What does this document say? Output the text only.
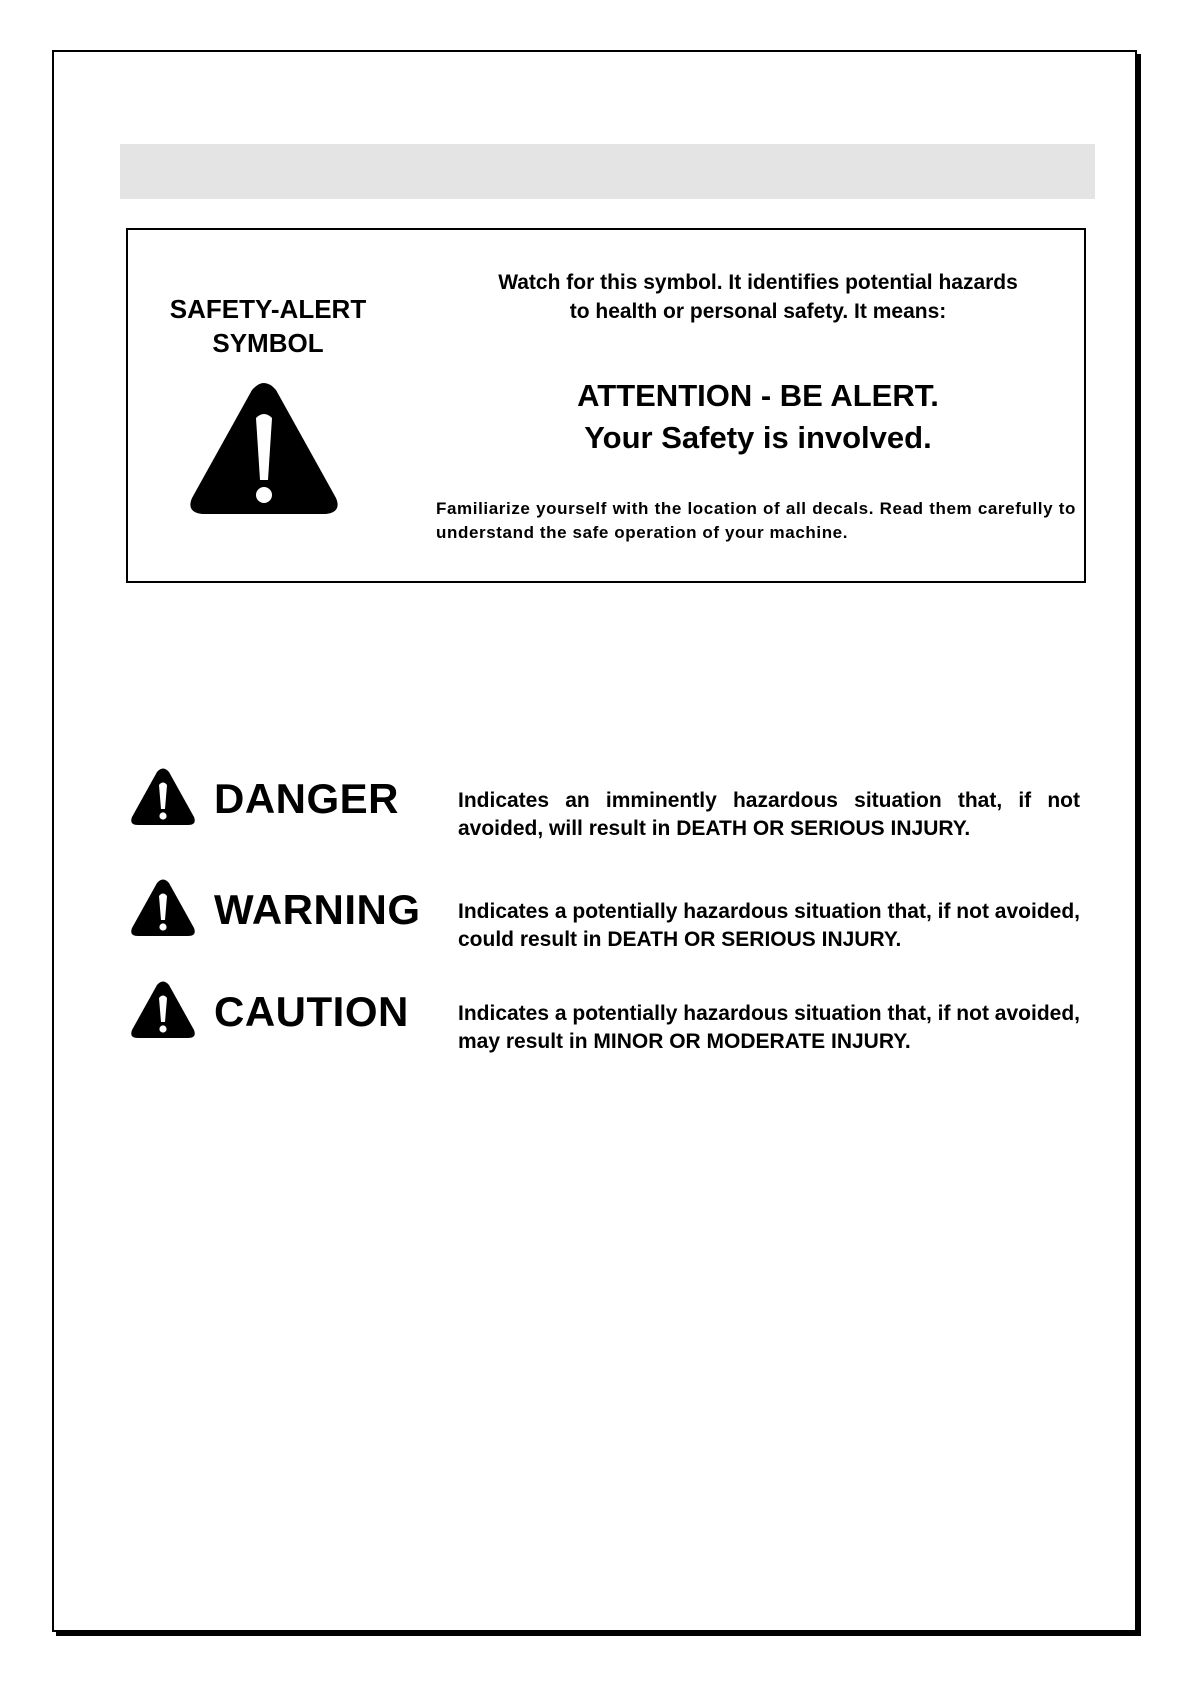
SAFETY-ALERT SYMBOL
Watch for this symbol. It identifies potential hazards
to health or personal safety. It means:
ATTENTION - BE ALERT.
Your Safety is involved.
Familiarize yourself with the location of all decals. Read them carefully to understand the safe operation of your machine.
DANGER	Indicates an imminently hazardous situation that, if not avoided, will result in DEATH OR SERIOUS INJURY.
WARNING Indicates a potentially hazardous situation that, if not avoided, could result in DEATH OR SERIOUS INJURY.
CAUTION Indicates a potentially hazardous situation that, if not avoided, may result in MINOR OR MODERATE INJURY.
